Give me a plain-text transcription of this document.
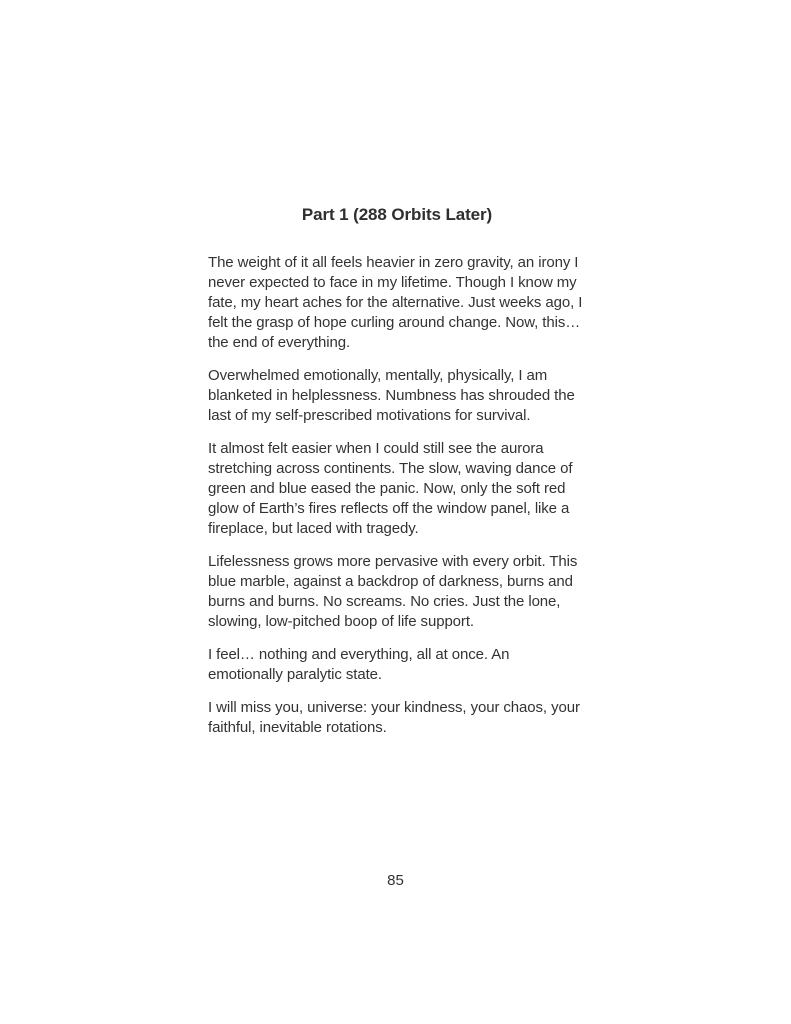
Part 1 (288 Orbits Later)

The weight of it all feels heavier in zero gravity, an irony I never expected to face in my lifetime. Though I know my fate, my heart aches for the alternative. Just weeks ago, I felt the grasp of hope curling around change. Now, this… the end of everything.

Overwhelmed emotionally, mentally, physically, I am blanketed in helplessness. Numbness has shrouded the last of my self-prescribed motivations for survival.

It almost felt easier when I could still see the aurora stretching across continents. The slow, waving dance of green and blue eased the panic. Now, only the soft red glow of Earth’s fires reflects off the window panel, like a fireplace, but laced with tragedy.

Lifelessness grows more pervasive with every orbit. This blue marble, against a backdrop of darkness, burns and burns and burns. No screams. No cries. Just the lone, slowing, low-pitched boop of life support.

I feel… nothing and everything, all at once. An emotionally paralytic state.

I will miss you, universe: your kindness, your chaos, your faithful, inevitable rotations.

85
